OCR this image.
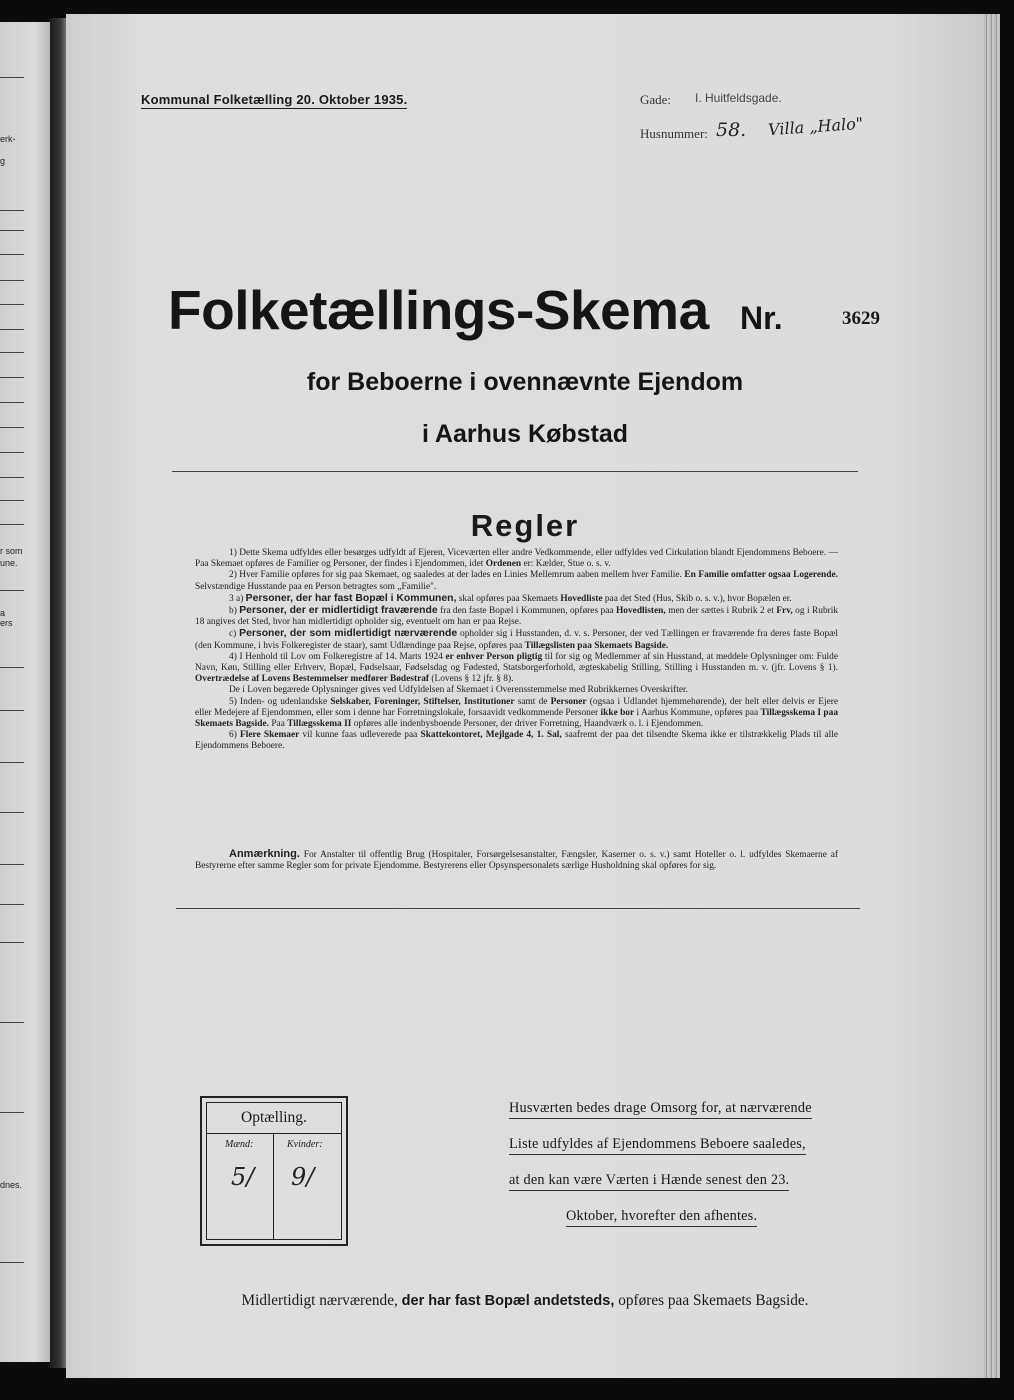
erk-
g
r som
une.
a
ers
dnes.
Kommunal Folketælling 20. Oktober 1935.	Gade: I. Huitfeldsgade.
Husnummer: 58. Villa „Halo"
Folketællings-Skema Nr.	3629
for Beboerne i ovennævnte Ejendom
i Aarhus Købstad
Regler

1) Dette Skema udfyldes eller besørges udfyldt af Ejeren, Viceværten eller andre Vedkommende, eller udfyldes ved Cirkulation blandt Ejendommens Beboere. — Paa Skemaet opføres de Familier og Personer, der findes i Ejendommen, idet Ordenen er: Kælder, Stue o. s. v.

2) Hver Familie opføres for sig paa Skemaet, og saaledes at der lades en Linies Mellemrum aaben mellem hver Familie. En Familie omfatter ogsaa Logerende. Selvstændige Husstande paa en Person betragtes som „Familie".

3 a) Personer, der har fast Bopæl i Kommunen, skal opføres paa Skemaets Hovedliste paa det Sted (Hus, Skib o. s. v.), hvor Bopælen er.

b) Personer, der er midlertidigt fraværende fra den faste Bopæl i Kommunen, opføres paa Hovedlisten, men der sættes i Rubrik 2 et Frv, og i Rubrik 18 angives det Sted, hvor han midlertidigt opholder sig, eventuelt om han er paa Rejse.

c) Personer, der som midlertidigt nærværende opholder sig i Husstanden, d. v. s. Personer, der ved Tællingen er fraværende fra deres faste Bopæl (den Kommune, i hvis Folkeregister de staar), samt Udlændinge paa Rejse, opføres paa Tillægslisten paa Skemaets Bagside.

4) I Henhold til Lov om Folkeregistre af 14. Marts 1924 er enhver Person pligtig til for sig og Medlemmer af sin Husstand, at meddele Oplysninger om: Fulde Navn, Køn, Stilling eller Erhverv, Bopæl, Fødselsaar, Fødselsdag og Fødested, Statsborgerforhold, ægteskabelig Stilling, Stilling i Husstanden m. v. (jfr. Lovens § 1). Overtrædelse af Lovens Bestemmelser medfører Bødestraf (Lovens § 12 jfr. § 8).

De i Loven begærede Oplysninger gives ved Udfyldelsen af Skemaet i Overensstemmelse med Rubrikkernes Overskrifter.

5) Inden- og udenlandske Selskaber, Foreninger, Stiftelser, Institutioner samt de Personer (ogsaa i Udlandet hjemmehørende), der helt eller delvis er Ejere eller Medejere af Ejendommen, eller som i denne har Forretningslokale, forsaavidt vedkommende Personer ikke bor i Aarhus Kommune, opføres paa Tillægsskema I paa Skemaets Bagside. Paa Tillægsskema II opføres alle indenbysboende Personer, der driver Forretning, Haandværk o. l. i Ejendommen.

6) Flere Skemaer vil kunne faas udleverede paa Skattekontoret, Mejlgade 4, 1. Sal, saafremt der paa det tilsendte Skema ikke er tilstrækkelig Plads til alle Ejendommens Beboere.

Anmærkning. For Anstalter til offentlig Brug (Hospitaler, Forsørgelsesanstalter, Fængsler, Kaserner o. s. v.) samt Hoteller o. l. udfyldes Skemaerne af Bestyrerne efter samme Regler som for private Ejendomme. Bestyrerens eller Opsynspersonalets særlige Husholdning skal opføres for sig.

Optælling.
Mænd:	Kvinder:
5/ 9/
Husværten bedes drage Omsorg for, at nærværende
Liste udfyldes af Ejendommens Beboere saaledes,
at den kan være Værten i Hænde senest den 23.
Oktober, hvorefter den afhentes.
Midlertidigt nærværende, der har fast Bopæl andetsteds, opføres paa Skemaets Bagside.
